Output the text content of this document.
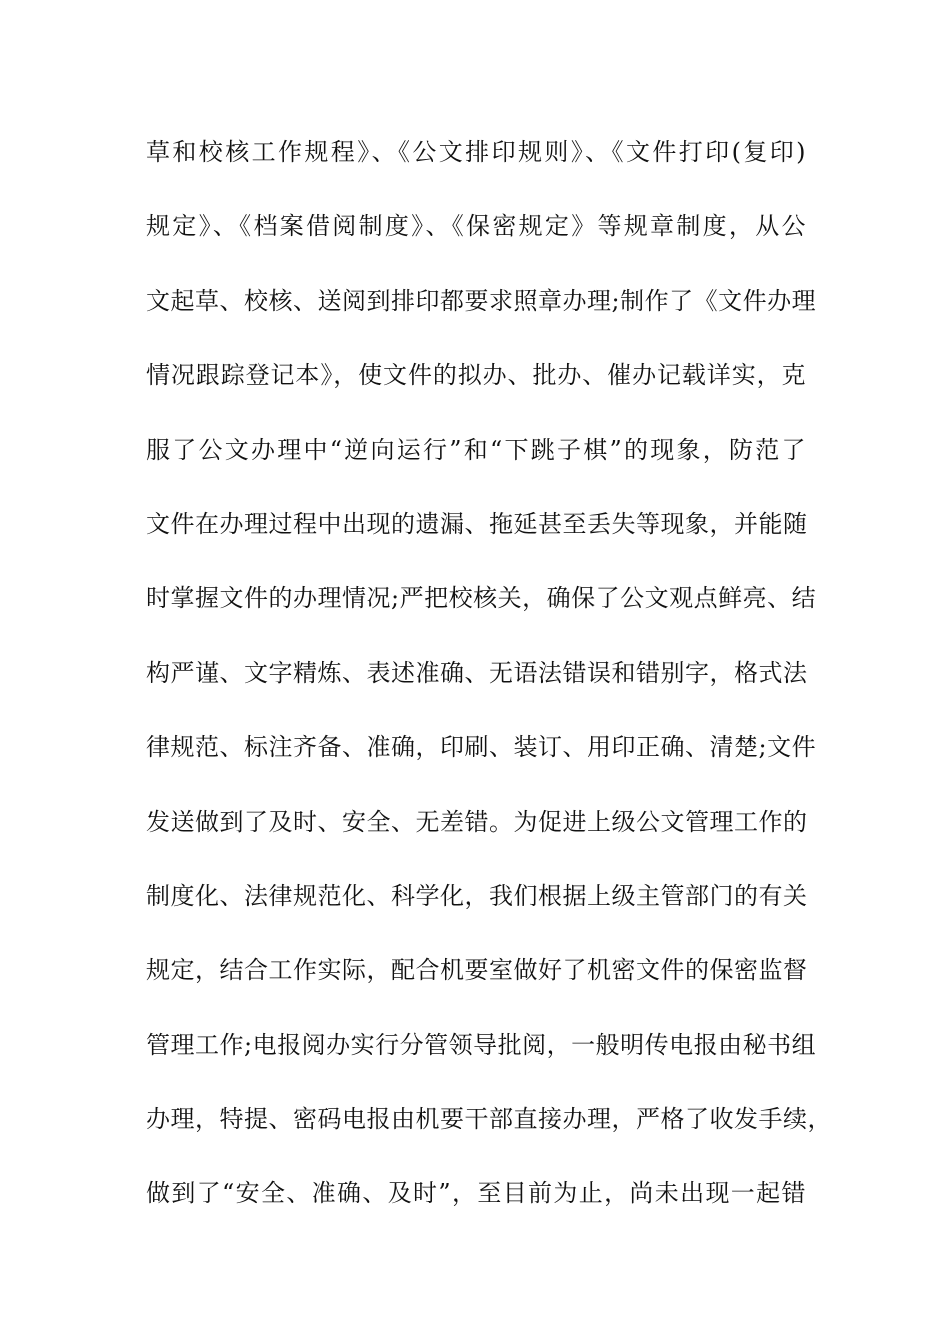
草和校核工作规程》、《公文排印规则》、《文件打印(复印)
规定》、《档案借阅制度》、《保密规定》等规章制度，从公
文起草、校核、送阅到排印都要求照章办理;制作了《文件办理
情况跟踪登记本》，使文件的拟办、批办、催办记载详实，克
服了公文办理中“逆向运行”和“下跳子棋”的现象，防范了
文件在办理过程中出现的遗漏、拖延甚至丢失等现象，并能随
时掌握文件的办理情况;严把校核关，确保了公文观点鲜亮、结
构严谨、文字精炼、表述准确、无语法错误和错别字，格式法
律规范、标注齐备、准确，印刷、装订、用印正确、清楚;文件
发送做到了及时、安全、无差错。为促进上级公文管理工作的
制度化、法律规范化、科学化，我们根据上级主管部门的有关
规定，结合工作实际，配合机要室做好了机密文件的保密监督
管理工作;电报阅办实行分管领导批阅，一般明传电报由秘书组
办理，特提、密码电报由机要干部直接办理，严格了收发手续，
做到了“安全、准确、及时”，至目前为止，尚未出现一起错
